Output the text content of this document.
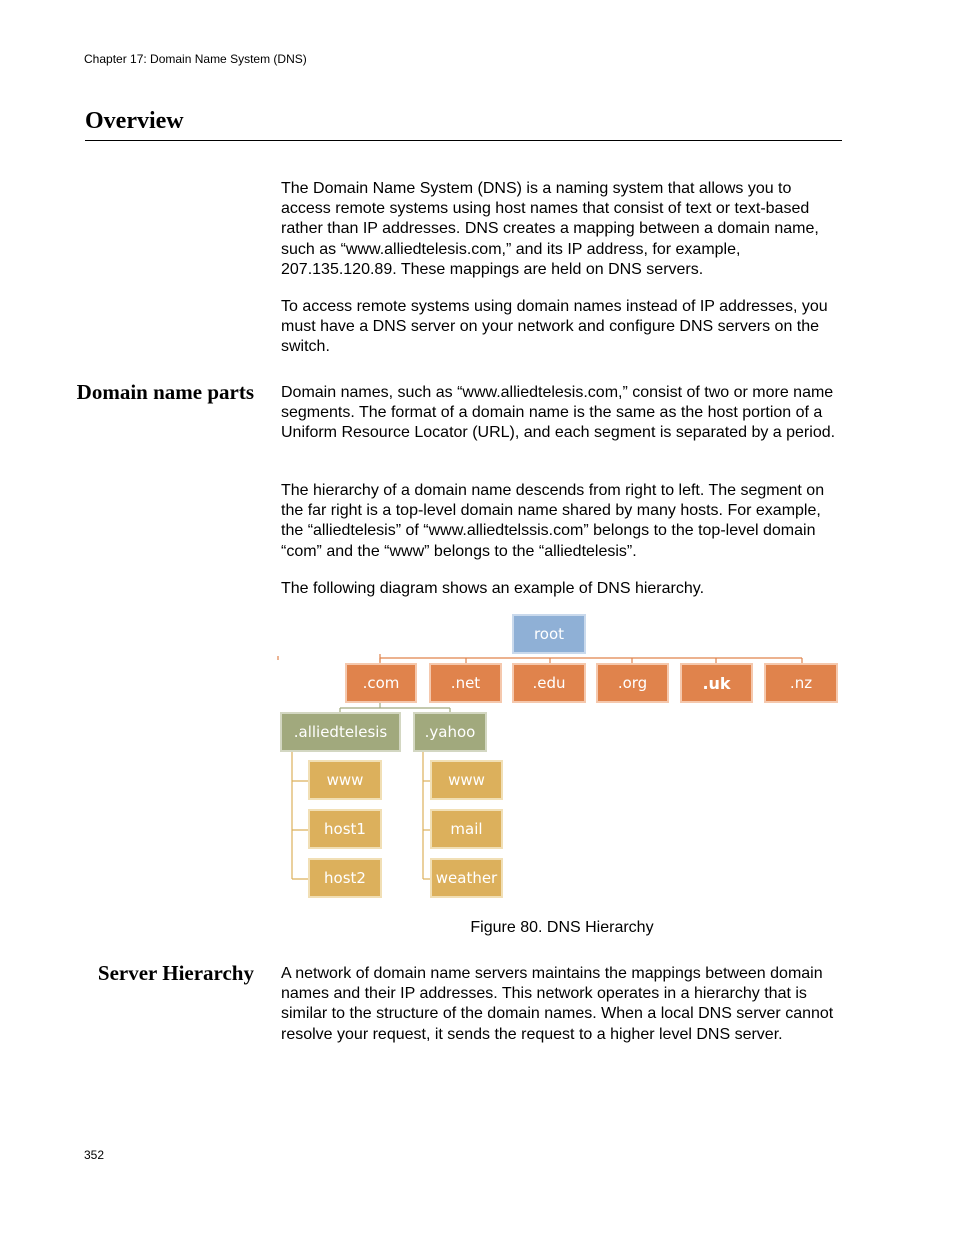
Chapter 17: Domain Name System (DNS)
Overview
The Domain Name System (DNS) is a naming system that allows you to access remote systems using host names that consist of text or text-based rather than IP addresses. DNS creates a mapping between a domain name, such as “www.alliedtelesis.com,” and its IP address, for example, 207.135.120.89. These mappings are held on DNS servers.
To access remote systems using domain names instead of IP addresses, you must have a DNS server on your network and configure DNS servers on the switch.
Domain name parts Domain names, such as “www.alliedtelesis.com,” consist of two or more name segments. The format of a domain name is the same as the host portion of a Uniform Resource Locator (URL), and each segment is separated by a period.
The hierarchy of a domain name descends from right to left. The segment on the far right is a top-level domain name shared by many hosts. For example, the “alliedtelesis” of “www.alliedtelssis.com” belongs to the top-level domain “com” and the “www” belongs to the “alliedtelesis”.
The following diagram shows an example of DNS hierarchy.
root
.com	.net	.edu	.org	.uk	.nz
.alliedtelesis	.yahoo
www
host1
host2
www
mail
weather
Figure 80. DNS Hierarchy
Server Hierarchy A network of domain name servers maintains the mappings between domain names and their IP addresses. This network operates in a hierarchy that is similar to the structure of the domain names. When a local DNS server cannot resolve your request, it sends the request to a higher level DNS server.
352
